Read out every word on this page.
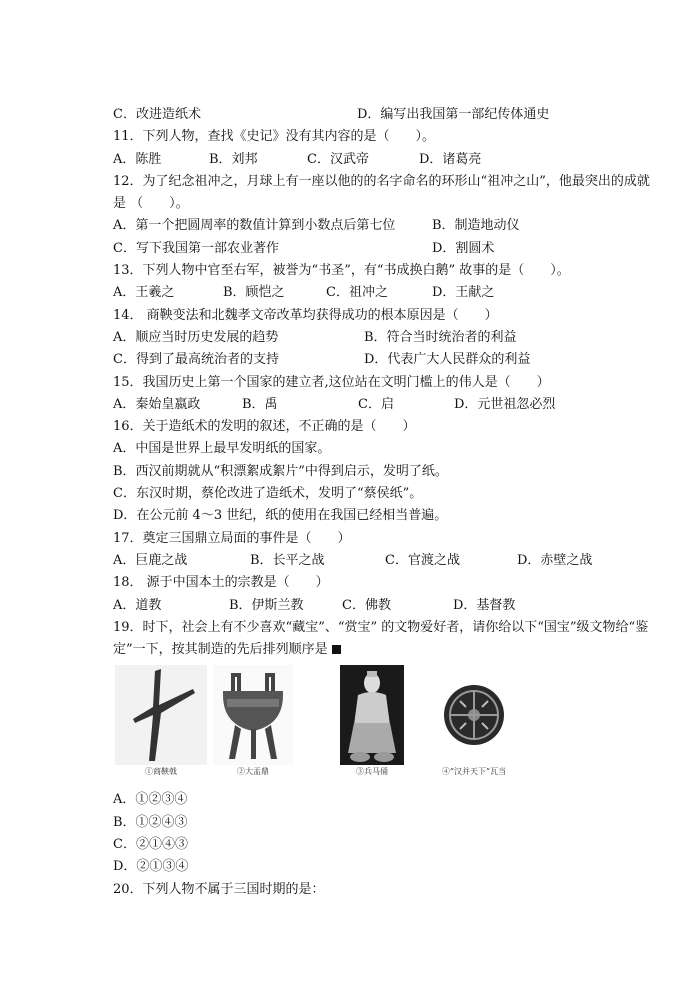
C．改进造纸术	D．编写出我国第一部纪传体通史
11．下列人物，查找《史记》没有其内容的是（　　）。
A．陈胜	B．刘邦	C．汉武帝	D．诸葛亮
12．为了纪念祖冲之，月球上有一座以他的的名字命名的环形山“祖冲之山”，他最突出的成就是 （　　）。
A．第一个把圆周率的数值计算到小数点后第七位	B．制造地动仪
C．写下我国第一部农业著作	D．割圆术
13．下列人物中官至右军，被誉为“书圣”，有“书成换白鹅” 故事的是（　　）。
A．王羲之	B．顾恺之	C．祖冲之	D．王献之
14． 商鞅变法和北魏孝文帝改革均获得成功的根本原因是（　　）
A．顺应当时历史发展的趋势	B．符合当时统治者的利益
C．得到了最高统治者的支持	D．代表广大人民群众的利益
15．我国历史上第一个国家的建立者,这位站在文明门槛上的伟人是（　　）
A．秦始皇嬴政	B．禹	C．启	D．元世祖忽必烈
16．关于造纸术的发明的叙述，不正确的是（　　）
A．中国是世界上最早发明纸的国家。
B．西汉前期就从“积漂絮成絮片”中得到启示，发明了纸。
C．东汉时期，蔡伦改进了造纸术，发明了“蔡侯纸”。
D．在公元前 4～3 世纪，纸的使用在我国已经相当普遍。
17．奠定三国鼎立局面的事件是（　　）
A．巨鹿之战	B．长平之战	C．官渡之战	D．赤壁之战
18． 源于中国本土的宗教是（　　）
A．道教	B．伊斯兰教	C．佛教	D．基督教
19．时下，社会上有不少喜欢“藏宝”、“赏宝” 的文物爱好者，请你给以下“国宝”级文物给“鉴定”一下，按其制造的先后排列顺序是
①商鞅戟	②大盂鼎	③兵马俑	④“汉并天下”瓦当
A．①②③④
B．①②④③
C．②①④③
D．②①③④
20．下列人物不属于三国时期的是：
